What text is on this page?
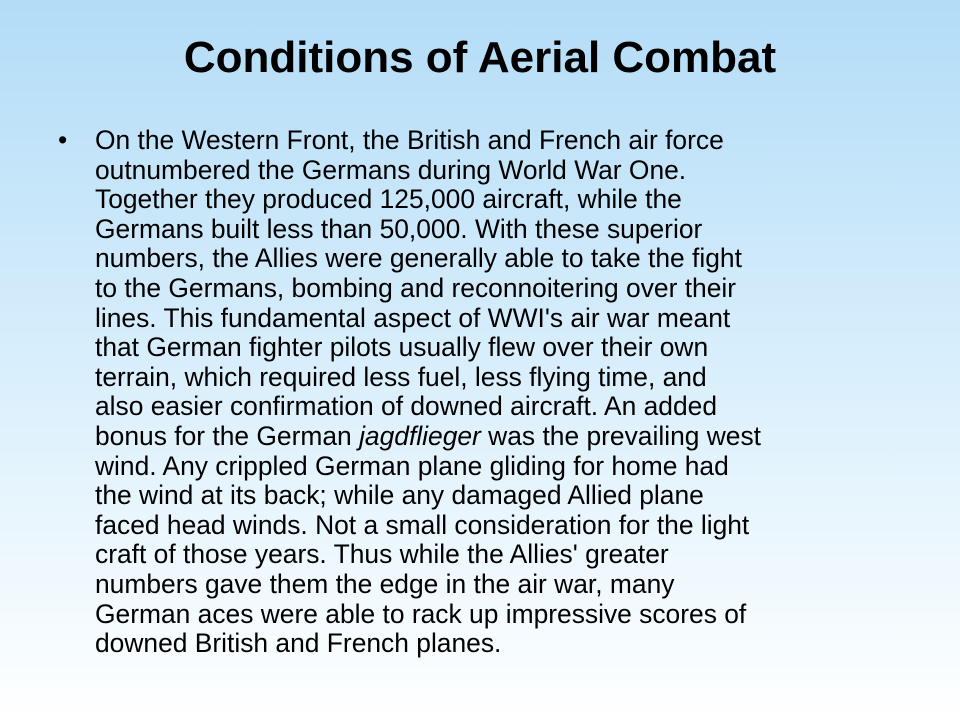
Conditions of Aerial Combat
• On the Western Front, the British and French air force
outnumbered the Germans during World War One.
Together they produced 125,000 aircraft, while the
Germans built less than 50,000. With these superior
numbers, the Allies were generally able to take the fight
to the Germans, bombing and reconnoitering over their
lines. This fundamental aspect of WWI's air war meant
that German fighter pilots usually flew over their own
terrain, which required less fuel, less flying time, and
also easier confirmation of downed aircraft. An added
bonus for the German jagdflieger was the prevailing west
wind. Any crippled German plane gliding for home had
the wind at its back; while any damaged Allied plane
faced head winds. Not a small consideration for the light
craft of those years. Thus while the Allies' greater
numbers gave them the edge in the air war, many
German aces were able to rack up impressive scores of
downed British and French planes.
